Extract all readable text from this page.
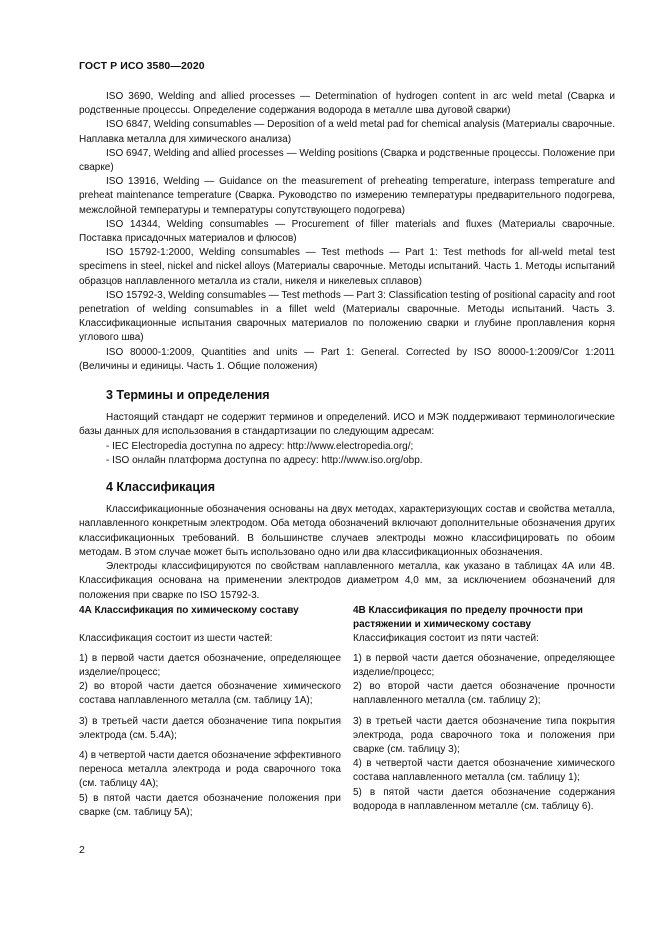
ГОСТ Р ИСО 3580—2020

ISO 3690, Welding and allied processes — Determination of hydrogen content in arc weld metal (Сварка и родственные процессы. Определение содержания водорода в металле шва дуговой сварки)

ISO 6847, Welding consumables — Deposition of a weld metal pad for chemical analysis (Материалы сварочные. Наплавка металла для химического анализа)

ISO 6947, Welding and allied processes — Welding positions (Сварка и родственные процессы. Положение при сварке)

ISO 13916, Welding — Guidance on the measurement of preheating temperature, interpass temperature and preheat maintenance temperature (Сварка. Руководство по измерению температуры предварительного подогрева, межслойной температуры и температуры сопутствующего подогрева)

ISO 14344, Welding consumables — Procurement of filler materials and fluxes (Материалы сварочные. Поставка присадочных материалов и флюсов)

ISO 15792-1:2000, Welding consumables — Test methods — Part 1: Test methods for all-weld metal test specimens in steel, nickel and nickel alloys (Материалы сварочные. Методы испытаний. Часть 1. Методы испытаний образцов наплавленного металла из стали, никеля и никелевых сплавов)

ISO 15792-3, Welding consumables — Test methods — Part 3: Classification testing of positional capacity and root penetration of welding consumables in a fillet weld (Материалы сварочные. Методы испытаний. Часть 3. Классификационные испытания сварочных материалов по положению сварки и глубине проплавления корня углового шва)

ISO 80000-1:2009, Quantities and units — Part 1: General. Corrected by ISO 80000-1:2009/Cor 1:2011 (Величины и единицы. Часть 1. Общие положения)

3 Термины и определения

Настоящий стандарт не содержит терминов и определений. ИСО и МЭК поддерживают терминологические базы данных для использования в стандартизации по следующим адресам:

- IEC Electropedia доступна по адресу: http://www.electropedia.org/;

- ISO онлайн платформа доступна по адресу: http://www.iso.org/obp.

4 Классификация

Классификационные обозначения основаны на двух методах, характеризующих состав и свойства металла, наплавленного конкретным электродом. Оба метода обозначений включают дополнительные обозначения других классификационных требований. В большинстве случаев электроды можно классифицировать по обоим методам. В этом случае может быть использовано одно или два классификационных обозначения.

Электроды классифицируются по свойствам наплавленного металла, как указано в таблицах 4А или 4В. Классификация основана на применении электродов диаметром 4,0 мм, за исключением обозначений для положения при сварке по ISO 15792-3.

4А Классификация по химическому составу

Классификация состоит из шести частей:

1) в первой части дается обозначение, определяющее изделие/процесс;

2) во второй части дается обозначение химического состава наплавленного металла (см. таблицу 1А);

3) в третьей части дается обозначение типа покрытия электрода (см. 5.4А);

4) в четвертой части дается обозначение эффективного переноса металла электрода и рода сварочного тока (см. таблицу 4А);

5) в пятой части дается обозначение положения при сварке (см. таблицу 5А);

4В Классификация по пределу прочности при растяжении и химическому составу

Классификация состоит из пяти частей:

1) в первой части дается обозначение, определяющее изделие/процесс;

2) во второй части дается обозначение прочности наплавленного металла (см. таблицу 2);

3) в третьей части дается обозначение типа покрытия электрода, рода сварочного тока и положения при сварке (см. таблицу 3);

4) в четвертой части дается обозначение химического состава наплавленного металла (см. таблицу 1);

5) в пятой части дается обозначение содержания водорода в наплавленном металле (см. таблицу 6).

2
